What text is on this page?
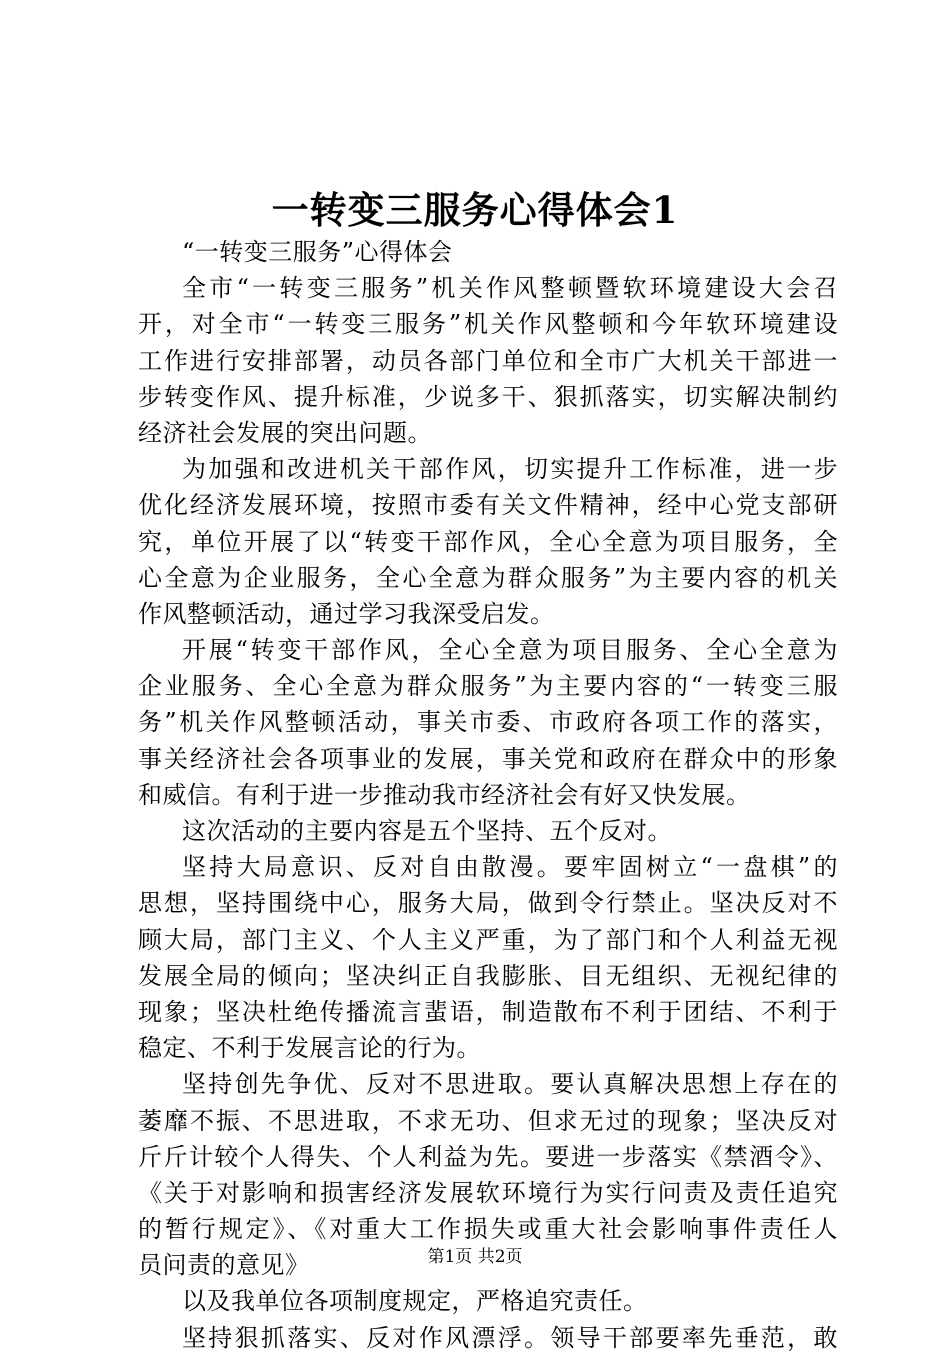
一转变三服务心得体会1
“一转变三服务”心得体会
全市“一转变三服务”机关作风整顿暨软环境建设大会召
开，对全市“一转变三服务”机关作风整顿和今年软环境建设
工作进行安排部署，动员各部门单位和全市广大机关干部进一
步转变作风、提升标准，少说多干、狠抓落实，切实解决制约
经济社会发展的突出问题。
为加强和改进机关干部作风，切实提升工作标准，进一步
优化经济发展环境，按照市委有关文件精神，经中心党支部研
究，单位开展了以“转变干部作风，全心全意为项目服务，全
心全意为企业服务，全心全意为群众服务”为主要内容的机关
作风整顿活动，通过学习我深受启发。
开展“转变干部作风，全心全意为项目服务、全心全意为
企业服务、全心全意为群众服务”为主要内容的“一转变三服
务”机关作风整顿活动，事关市委、市政府各项工作的落实，
事关经济社会各项事业的发展，事关党和政府在群众中的形象
和威信。有利于进一步推动我市经济社会有好又快发展。
这次活动的主要内容是五个坚持、五个反对。
坚持大局意识、反对自由散漫。要牢固树立“一盘棋”的
思想，坚持围绕中心，服务大局，做到令行禁止。坚决反对不
顾大局，部门主义、个人主义严重，为了部门和个人利益无视
发展全局的倾向；坚决纠正自我膨胀、目无组织、无视纪律的
现象；坚决杜绝传播流言蜚语，制造散布不利于团结、不利于
稳定、不利于发展言论的行为。
坚持创先争优、反对不思进取。要认真解决思想上存在的
萎靡不振、不思进取，不求无功、但求无过的现象；坚决反对
斤斤计较个人得失、个人利益为先。要进一步落实《禁酒令》、
《关于对影响和损害经济发展软环境行为实行问责及责任追究
的暂行规定》、《对重大工作损失或重大社会影响事件责任人
员问责的意见》
以及我单位各项制度规定，严格追究责任。
坚持狠抓落实、反对作风漂浮。领导干部要率先垂范，敢
第1页 共2页
